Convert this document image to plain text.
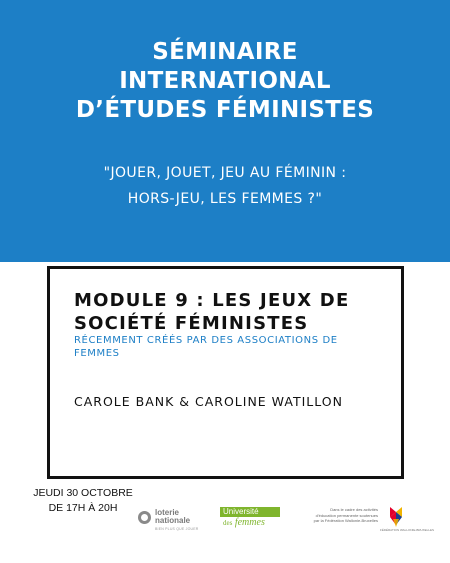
SÉMINAIRE
INTERNATIONAL
D’ÉTUDES FÉMINISTES

"JOUER, JOUET, JEU AU FÉMININ : HORS-JEU, LES FEMMES ?"

MODULE 9 : LES JEUX DE
SOCIÉTÉ FÉMINISTES

RÉCEMMENT CRÉÉS PAR DES ASSOCIATIONS DE FEMMES

CAROLE BANK & CAROLINE WATILLON

JEUDI 30 OCTOBRE
DE 17H À 20H	loterie
nationale
BIEN PLUS QUE JOUER
Université
des femmes
Dans le cadre des activités
d'éducation permanente soutenues
par la Fédération Wallonie-Bruxelles
FÉDÉRATION WALLONIE-BRUXELLES
